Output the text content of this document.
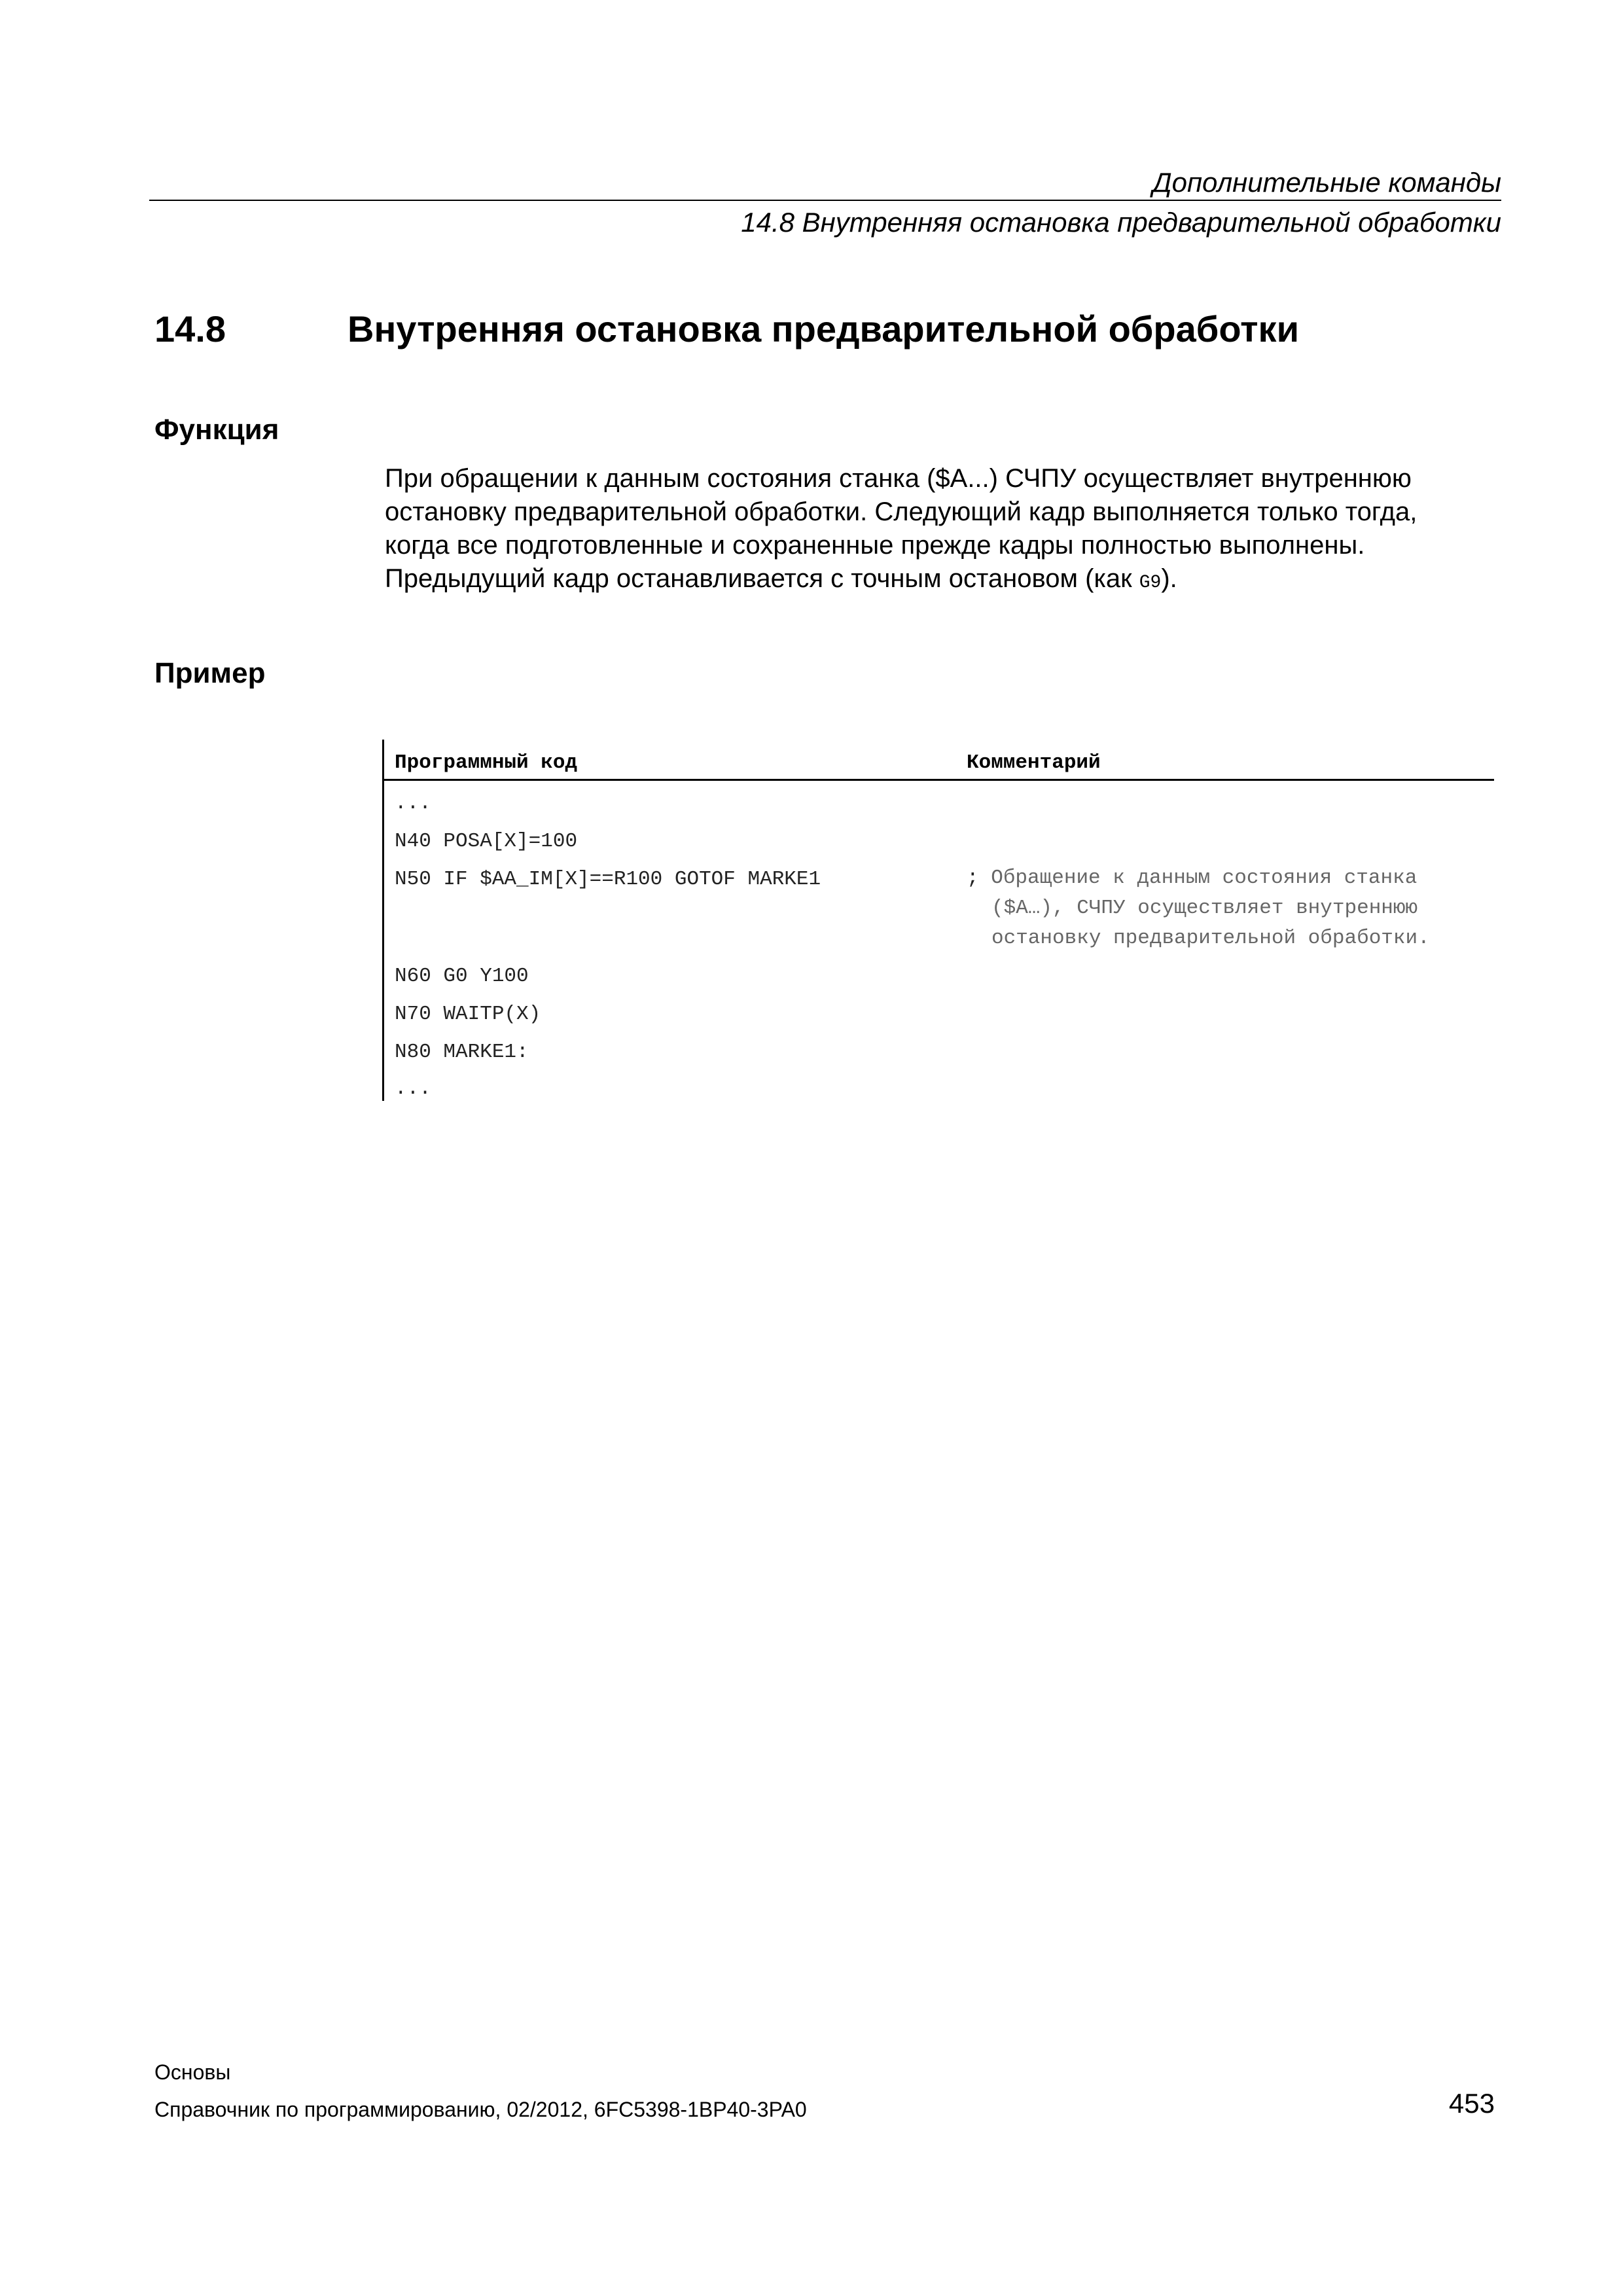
Дополнительные команды
14.8 Внутренняя остановка предварительной обработки
14.8	Внутренняя остановка предварительной обработки
Функция
При обращении к данным состояния станка ($A...) СЧПУ осуществляет внутреннюю
остановку предварительной обработки. Следующий кадр выполняется только тогда,
когда все подготовленные и сохраненные прежде кадры полностью выполнены.
Предыдущий кадр останавливается с точным остановом (как G9).
Пример
Программный код	Комментарий
...
N40 POSA[X]=100
N50 IF $AA_IM[X]==R100 GOTOF MARKE1	; Обращение к данным состояния станка
($A…), СЧПУ осуществляет внутреннюю
остановку предварительной обработки.
N60 G0 Y100
N70 WAITP(X)
N80 MARKE1:
...
Основы
Справочник по программированию, 02/2012, 6FC5398-1BP40-3PA0	453
